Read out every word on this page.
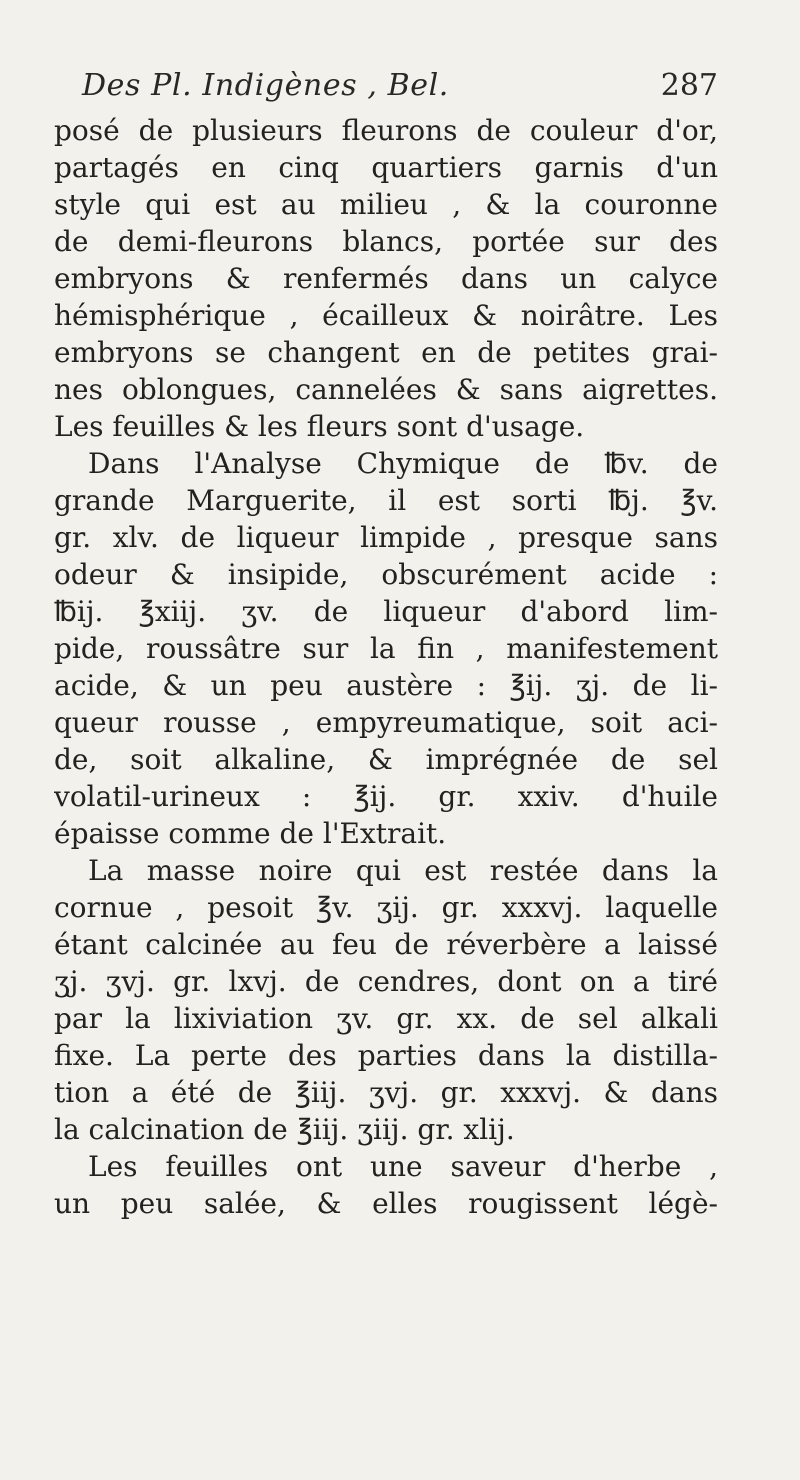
Des Pl. Indigènes , Bel.	287
posé de plusieurs fleurons de couleur d'or,
partagés en cinq quartiers garnis d'un
style qui est au milieu , & la couronne
de demi-fleurons blancs, portée sur des
embryons & renfermés dans un calyce
hémisphérique , écailleux & noirâtre. Les
embryons se changent en de petites grai-
nes oblongues, cannelées & sans aigrettes.
Les feuilles & les fleurs sont d'usage.
Dans l'Analyse Chymique de ℔v. de
grande Marguerite, il est sorti ℔j. ℥v.
gr. xlv. de liqueur limpide , presque sans
odeur & insipide, obscurément acide :
℔ij. ℥xiij. ʒv. de liqueur d'abord lim-
pide, roussâtre sur la fin , manifestement
acide, & un peu austère : ℥ij. ʒj. de li-
queur rousse , empyreumatique, soit aci-
de, soit alkaline, & imprégnée de sel
volatil-urineux : ℥ij. gr. xxiv. d'huile
épaisse comme de l'Extrait.
La masse noire qui est restée dans la
cornue , pesoit ℥v. ʒij. gr. xxxvj. laquelle
étant calcinée au feu de réverbère a laissé
ʒj. ʒvj. gr. lxvj. de cendres, dont on a tiré
par la lixiviation ʒv. gr. xx. de sel alkali
fixe. La perte des parties dans la distilla-
tion a été de ℥iij. ʒvj. gr. xxxvj. & dans
la calcination de ℥iij. ʒiij. gr. xlij.
Les feuilles ont une saveur d'herbe ,
un peu salée, & elles rougissent légè-
